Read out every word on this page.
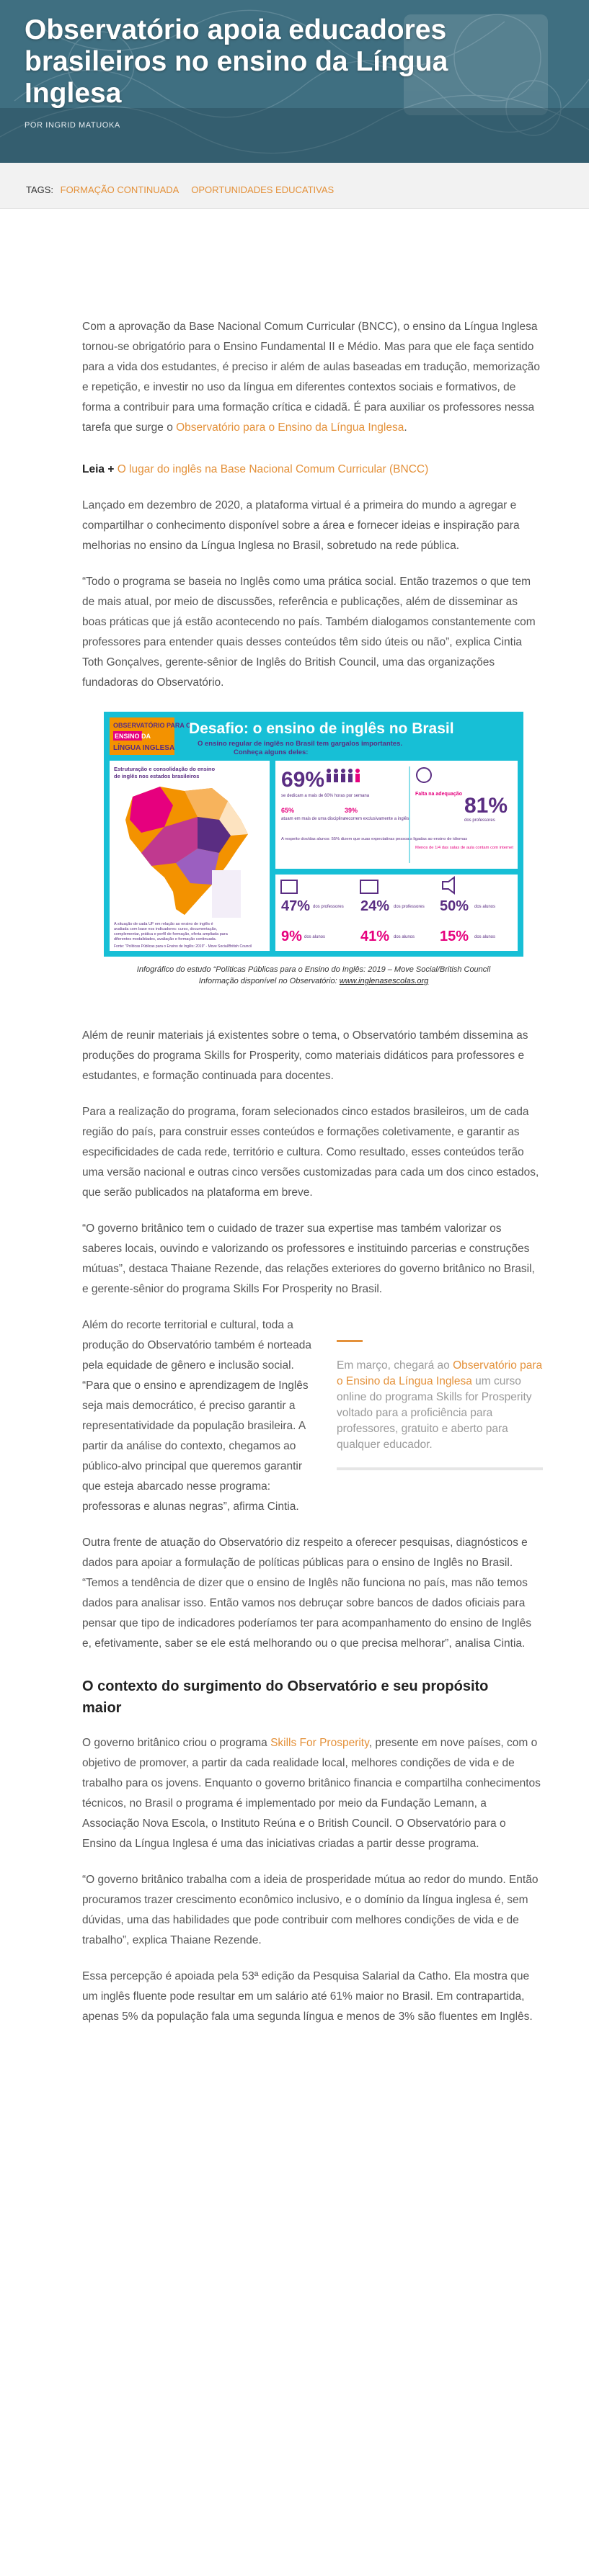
Observatório apoia educadores brasileiros no ensino da Língua Inglesa
POR INGRID MATUOKA
TAGS: FORMAÇÃO CONTINUADA OPORTUNIDADES EDUCATIVAS

Com a aprovação da Base Nacional Comum Curricular (BNCC), o ensino da Língua Inglesa tornou-se obrigatório para o Ensino Fundamental II e Médio. Mas para que ele faça sentido para a vida dos estudantes, é preciso ir além de aulas baseadas em tradução, memorização e repetição, e investir no uso da língua em diferentes contextos sociais e formativos, de forma a contribuir para uma formação crítica e cidadã. É para auxiliar os professores nessa tarefa que surge o Observatório para o Ensino da Língua Inglesa.

Leia + O lugar do inglês na Base Nacional Comum Curricular (BNCC)

Lançado em dezembro de 2020, a plataforma virtual é a primeira do mundo a agregar e compartilhar o conhecimento disponível sobre a área e fornecer ideias e inspiração para melhorias no ensino da Língua Inglesa no Brasil, sobretudo na rede pública.

“Todo o programa se baseia no Inglês como uma prática social. Então trazemos o que tem de mais atual, por meio de discussões, referência e publicações, além de disseminar as boas práticas que já estão acontecendo no país. Também dialogamos constantemente com professores para entender quais desses conteúdos têm sido úteis ou não”, explica Cintia Toth Gonçalves, gerente-sênior de Inglês do British Council, uma das organizações fundadoras do Observatório.

OBSERVATÓRIO PARA O
ENSINO DA
LÍNGUA INGLESA
Desafio: o ensino de inglês no Brasil
O ensino regular de inglês no Brasil tem gargalos importantes.
Conheça alguns deles:
Estruturação e consolidação do ensino
de inglês nos estados brasileiros
A situação de cada UF em relação ao ensino de inglês é
avaliada com base nos indicadores: curso, documentação,
complementar, prática e perfil de formação, oferta ampliada para
diferentes modalidades, avaliação e formação continuada.
Fonte: "Políticas Públicas para o Ensino de Inglês: 2019" - Move Social/British Council
69%
se dedicam a mais de 60% horas por semana
65%
atuam em mais de uma disciplina
39%
recorrem exclusivamente a inglês
A respeito dos/das alunos: 55% dizem que suas expectativas pessoais ligadas ao ensino de idiomas
Falta na adequação 81%
dos professores
Menos de 1/4 das salas de aula contam com internet
47% dos professores
9% dos alunos
24% dos professores
41% dos alunos
50% dos alunos
15% dos alunos
Infográfico do estudo “Políticas Públicas para o Ensino do Inglês: 2019 – Move Social/British Council
Informação disponível no Observatório: www.inglenasescolas.org

Além de reunir materiais já existentes sobre o tema, o Observatório também dissemina as produções do programa Skills for Prosperity, como materiais didáticos para professores e estudantes, e formação continuada para docentes.

Para a realização do programa, foram selecionados cinco estados brasileiros, um de cada região do país, para construir esses conteúdos e formações coletivamente, e garantir as especificidades de cada rede, território e cultura. Como resultado, esses conteúdos terão uma versão nacional e outras cinco versões customizadas para cada um dos cinco estados, que serão publicados na plataforma em breve.

“O governo britânico tem o cuidado de trazer sua expertise mas também valorizar os saberes locais, ouvindo e valorizando os professores e instituindo parcerias e construções mútuas”, destaca Thaiane Rezende, das relações exteriores do governo britânico no Brasil, e gerente-sênior do programa Skills For Prosperity no Brasil.

Em março, chegará ao Observatório para o Ensino da Língua Inglesa um curso online do programa Skills for Prosperity voltado para a proficiência para professores, gratuito e aberto para qualquer educador.

Além do recorte territorial e cultural, toda a produção do Observatório também é norteada pela equidade de gênero e inclusão social. “Para que o ensino e aprendizagem de Inglês seja mais democrático, é preciso garantir a representatividade da população brasileira. A partir da análise do contexto, chegamos ao público-alvo principal que queremos garantir que esteja abarcado nesse programa: professoras e alunas negras”, afirma Cintia.

Outra frente de atuação do Observatório diz respeito a oferecer pesquisas, diagnósticos e dados para apoiar a formulação de políticas públicas para o ensino de Inglês no Brasil. “Temos a tendência de dizer que o ensino de Inglês não funciona no país, mas não temos dados para analisar isso. Então vamos nos debruçar sobre bancos de dados oficiais para pensar que tipo de indicadores poderíamos ter para acompanhamento do ensino de Inglês e, efetivamente, saber se ele está melhorando ou o que precisa melhorar”, analisa Cintia.

O contexto do surgimento do Observatório e seu propósito maior

O governo britânico criou o programa Skills For Prosperity, presente em nove países, com o objetivo de promover, a partir da cada realidade local, melhores condições de vida e de trabalho para os jovens. Enquanto o governo britânico financia e compartilha conhecimentos técnicos, no Brasil o programa é implementado por meio da Fundação Lemann, a Associação Nova Escola, o Instituto Reúna e o British Council. O Observatório para o Ensino da Língua Inglesa é uma das iniciativas criadas a partir desse programa.

“O governo britânico trabalha com a ideia de prosperidade mútua ao redor do mundo. Então procuramos trazer crescimento econômico inclusivo, e o domínio da língua inglesa é, sem dúvidas, uma das habilidades que pode contribuir com melhores condições de vida e de trabalho”, explica Thaiane Rezende.

Essa percepção é apoiada pela 53ª edição da Pesquisa Salarial da Catho. Ela mostra que um inglês fluente pode resultar em um salário até 61% maior no Brasil. Em contrapartida, apenas 5% da população fala uma segunda língua e menos de 3% são fluentes em Inglês.
